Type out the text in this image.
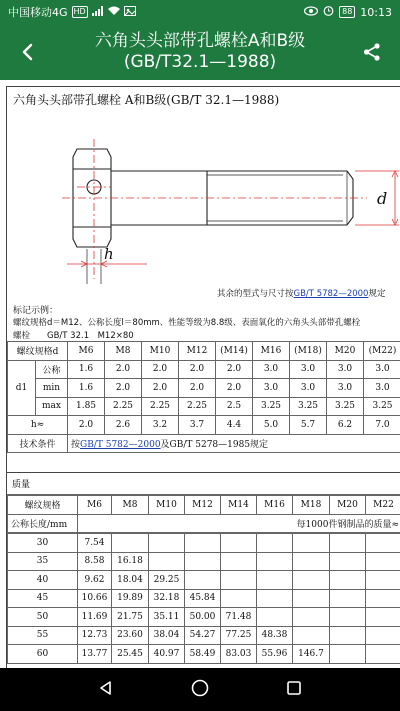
中国移动4G HD	88 10:13
六角头头部带孔螺栓A和B级(GB/T32.1—1988)
六角头头部带孔螺栓 A和B级(GB/T 32.1—1988)
d
h
其余的型式与尺寸按GB/T 5782—2000规定
标记示例：
螺纹规格d＝M12、公称长度l＝80mm、性能等级为8.8级、表面氧化的六角头头部带孔螺栓
螺栓　　GB/T 32.1　M12×80
螺纹规格d		M6	M8	M10	M12	(M14)	M16	(M18)	M20	(M22)
d1	公称	1.6	2.0	2.0	2.0	2.0	3.0	3.0	3.0	3.0
	min	1.6	2.0	2.0	2.0	2.0	3.0	3.0	3.0	3.0
	max	1.85	2.25	2.25	2.25	2.5	3.25	3.25	3.25	3.25
h≈		2.0	2.6	3.2	3.7	4.4	5.0	5.7	6.2	7.0
技术条件		按GB/T 5782—2000及GB/T 5278—1985规定								
质量
螺纹规格	M6	M8	M10	M12	M14	M16	M18	M20	M22
公称长度/mm	每1000件钢制品的质量≈								
30	7.54								
35	8.58	16.18							
40	9.62	18.04	29.25						
45	10.66	19.89	32.18	45.84					
50	11.69	21.75	35.11	50.00	71.48				
55	12.73	23.60	38.04	54.27	77.25	48.38			
60	13.77	25.45	40.97	58.49	83.03	55.96	146.7		
